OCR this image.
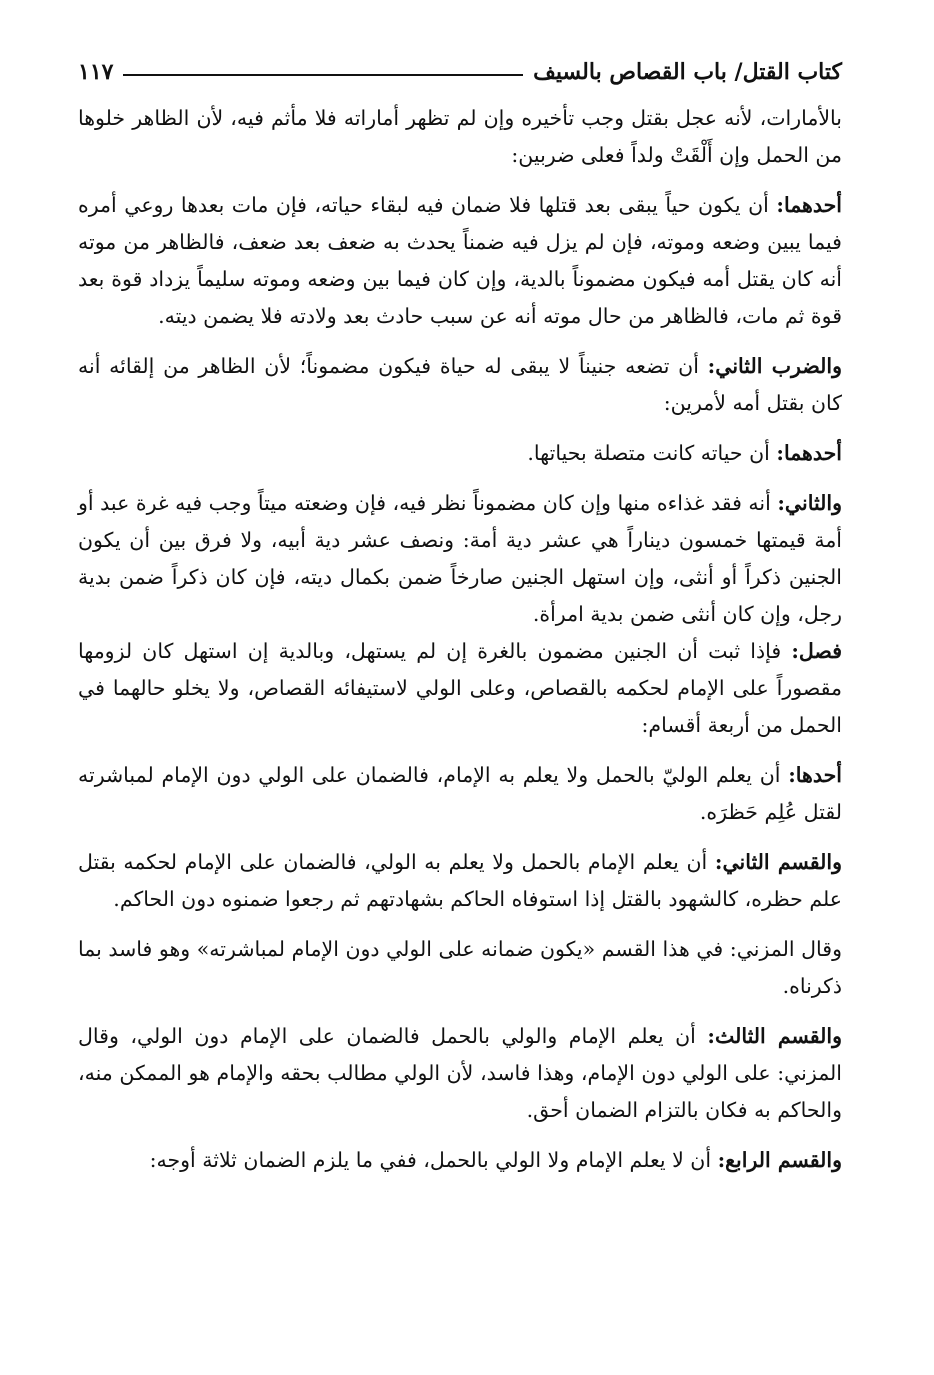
كتاب القتل/ باب القصاص بالسيف
١١٧

بالأمارات، لأنه عجل بقتل وجب تأخيره وإن لم تظهر أماراته فلا مأثم فيه، لأن الظاهر خلوها من الحمل وإن أَلْقَتْ ولداً فعلى ضربين:

أحدهما: أن يكون حياً يبقى بعد قتلها فلا ضمان فيه لبقاء حياته، فإن مات بعدها روعي أمره فيما يبين وضعه وموته، فإن لم يزل فيه ضمناً يحدث به ضعف بعد ضعف، فالظاهر من موته أنه كان يقتل أمه فيكون مضموناً بالدية، وإن كان فيما بين وضعه وموته سليماً يزداد قوة بعد قوة ثم مات، فالظاهر من حال موته أنه عن سبب حادث بعد ولادته فلا يضمن ديته.

والضرب الثاني: أن تضعه جنيناً لا يبقى له حياة فيكون مضموناً؛ لأن الظاهر من إلقائه أنه كان بقتل أمه لأمرين:

أحدهما: أن حياته كانت متصلة بحياتها.

والثاني: أنه فقد غذاءه منها وإن كان مضموناً نظر فيه، فإن وضعته ميتاً وجب فيه غرة عبد أو أمة قيمتها خمسون ديناراً هي عشر دية أمة: ونصف عشر دية أبيه، ولا فرق بين أن يكون الجنين ذكراً أو أنثى، وإن استهل الجنين صارخاً ضمن بكمال ديته، فإن كان ذكراً ضمن بدية رجل، وإن كان أنثى ضمن بدية امرأة.

فصل: فإذا ثبت أن الجنين مضمون بالغرة إن لم يستهل، وبالدية إن استهل كان لزومها مقصوراً على الإمام لحكمه بالقصاص، وعلى الولي لاستيفائه القصاص، ولا يخلو حالهما في الحمل من أربعة أقسام:

أحدها: أن يعلم الوليّ بالحمل ولا يعلم به الإمام، فالضمان على الولي دون الإمام لمباشرته لقتل عُلِم حَظرَه.

والقسم الثاني: أن يعلم الإمام بالحمل ولا يعلم به الولي، فالضمان على الإمام لحكمه بقتل علم حظره، كالشهود بالقتل إذا استوفاه الحاكم بشهادتهم ثم رجعوا ضمنوه دون الحاكم.

وقال المزني: في هذا القسم «يكون ضمانه على الولي دون الإمام لمباشرته» وهو فاسد بما ذكرناه.

والقسم الثالث: أن يعلم الإمام والولي بالحمل فالضمان على الإمام دون الولي، وقال المزني: على الولي دون الإمام، وهذا فاسد، لأن الولي مطالب بحقه والإمام هو الممكن منه، والحاكم به فكان بالتزام الضمان أحق.

والقسم الرابع: أن لا يعلم الإمام ولا الولي بالحمل، ففي ما يلزم الضمان ثلاثة أوجه:
